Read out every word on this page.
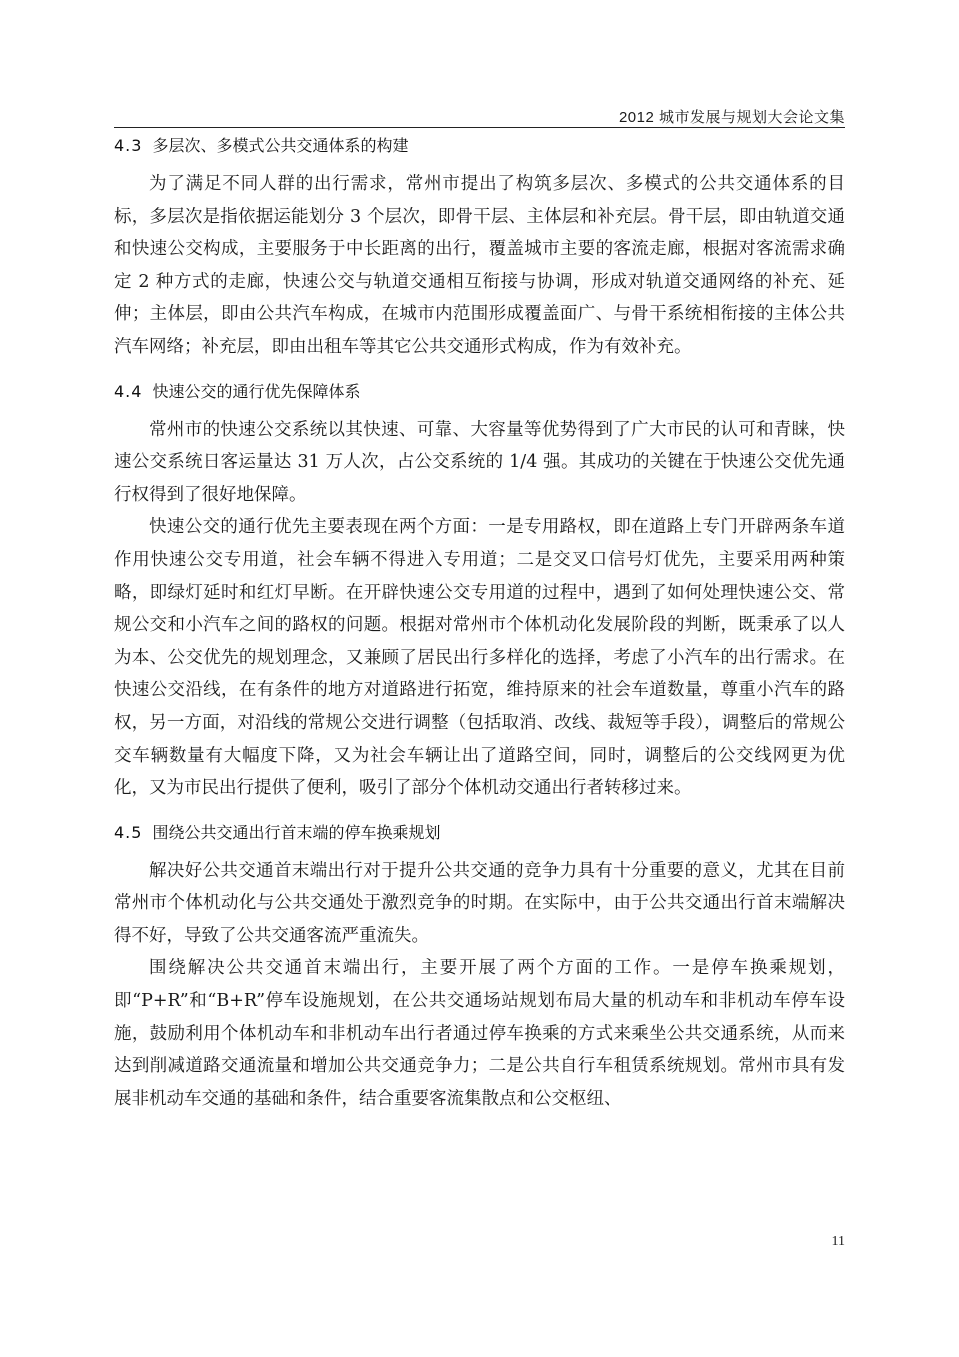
2012 城市发展与规划大会论文集
4.3 多层次、多模式公共交通体系的构建

为了满足不同人群的出行需求，常州市提出了构筑多层次、多模式的公共交通体系的目标，多层次是指依据运能划分 3 个层次，即骨干层、主体层和补充层。骨干层，即由轨道交通和快速公交构成，主要服务于中长距离的出行，覆盖城市主要的客流走廊，根据对客流需求确定 2 种方式的走廊，快速公交与轨道交通相互衔接与协调，形成对轨道交通网络的补充、延伸；主体层，即由公共汽车构成，在城市内范围形成覆盖面广、与骨干系统相衔接的主体公共汽车网络；补充层，即由出租车等其它公共交通形式构成，作为有效补充。

4.4 快速公交的通行优先保障体系

常州市的快速公交系统以其快速、可靠、大容量等优势得到了广大市民的认可和青睐，快速公交系统日客运量达 31 万人次，占公交系统的 1/4 强。其成功的关键在于快速公交优先通行权得到了很好地保障。

快速公交的通行优先主要表现在两个方面：一是专用路权，即在道路上专门开辟两条车道作用快速公交专用道，社会车辆不得进入专用道；二是交叉口信号灯优先，主要采用两种策略，即绿灯延时和红灯早断。在开辟快速公交专用道的过程中，遇到了如何处理快速公交、常规公交和小汽车之间的路权的问题。根据对常州市个体机动化发展阶段的判断，既秉承了以人为本、公交优先的规划理念，又兼顾了居民出行多样化的选择，考虑了小汽车的出行需求。在快速公交沿线，在有条件的地方对道路进行拓宽，维持原来的社会车道数量，尊重小汽车的路权，另一方面，对沿线的常规公交进行调整（包括取消、改线、裁短等手段），调整后的常规公交车辆数量有大幅度下降，又为社会车辆让出了道路空间，同时，调整后的公交线网更为优化，又为市民出行提供了便利，吸引了部分个体机动交通出行者转移过来。

4.5 围绕公共交通出行首末端的停车换乘规划

解决好公共交通首末端出行对于提升公共交通的竞争力具有十分重要的意义，尤其在目前常州市个体机动化与公共交通处于激烈竞争的时期。在实际中，由于公共交通出行首末端解决得不好，导致了公共交通客流严重流失。

围绕解决公共交通首末端出行，主要开展了两个方面的工作。一是停车换乘规划，即“P+R”和“B+R”停车设施规划，在公共交通场站规划布局大量的机动车和非机动车停车设施，鼓励利用个体机动车和非机动车出行者通过停车换乘的方式来乘坐公共交通系统，从而来达到削减道路交通流量和增加公共交通竞争力；二是公共自行车租赁系统规划。常州市具有发展非机动车交通的基础和条件，结合重要客流集散点和公交枢纽、

11
